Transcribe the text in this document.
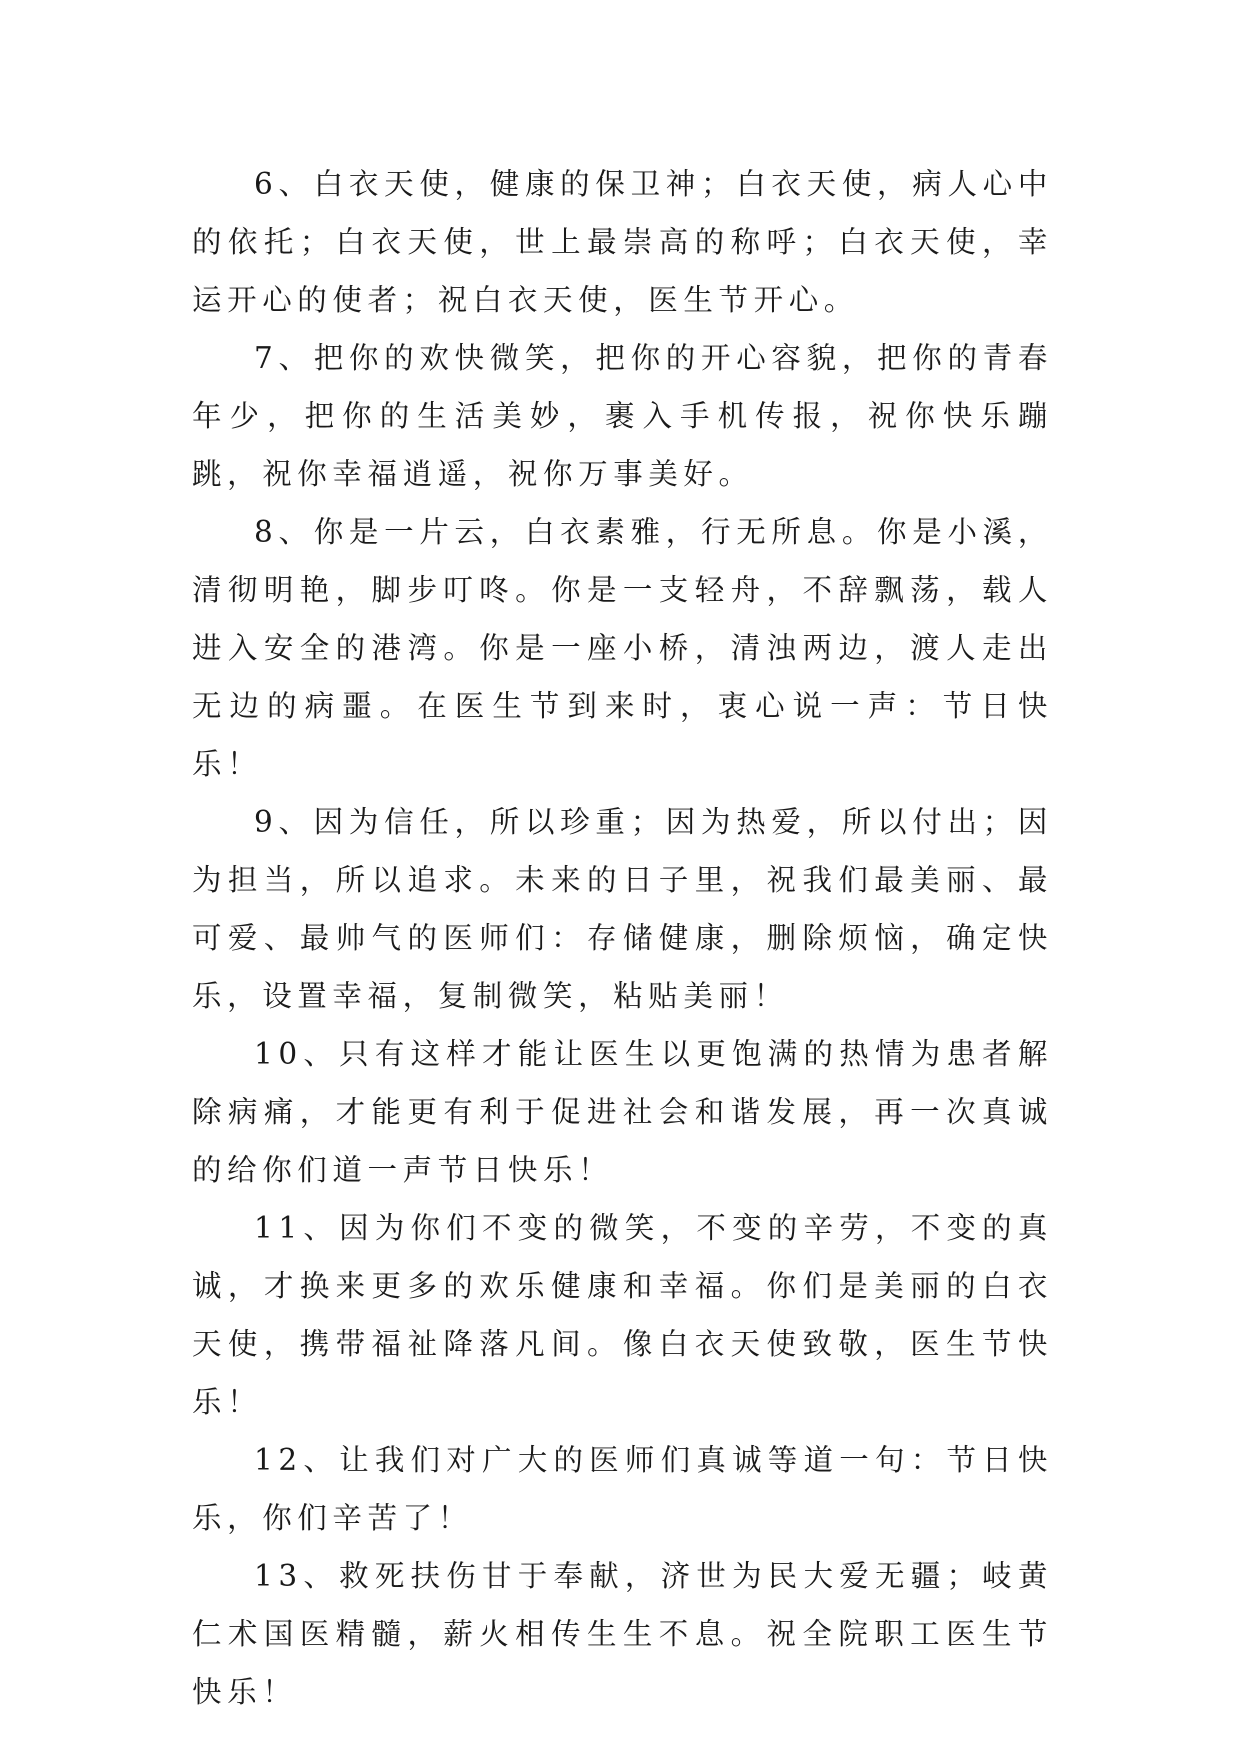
6、白衣天使，健康的保卫神；白衣天使，病人心中的依托；白衣天使，世上最崇高的称呼；白衣天使，幸运开心的使者；祝白衣天使，医生节开心。

7、把你的欢快微笑，把你的开心容貌，把你的青春年少，把你的生活美妙，裹入手机传报，祝你快乐蹦跳，祝你幸福逍遥，祝你万事美好。

8、你是一片云，白衣素雅，行无所息。你是小溪，清彻明艳，脚步叮咚。你是一支轻舟，不辞飘荡，载人进入安全的港湾。你是一座小桥，清浊两边，渡人走出无边的病噩。在医生节到来时，衷心说一声：节日快乐！

9、因为信任，所以珍重；因为热爱，所以付出；因为担当，所以追求。未来的日子里，祝我们最美丽、最可爱、最帅气的医师们：存储健康，删除烦恼，确定快乐，设置幸福，复制微笑，粘贴美丽！

10、只有这样才能让医生以更饱满的热情为患者解除病痛，才能更有利于促进社会和谐发展，再一次真诚的给你们道一声节日快乐！

11、因为你们不变的微笑，不变的辛劳，不变的真诚，才换来更多的欢乐健康和幸福。你们是美丽的白衣天使，携带福祉降落凡间。像白衣天使致敬，医生节快乐！

12、让我们对广大的医师们真诚等道一句：节日快乐，你们辛苦了！

13、救死扶伤甘于奉献，济世为民大爱无疆；岐黄仁术国医精髓，薪火相传生生不息。祝全院职工医生节快乐！
